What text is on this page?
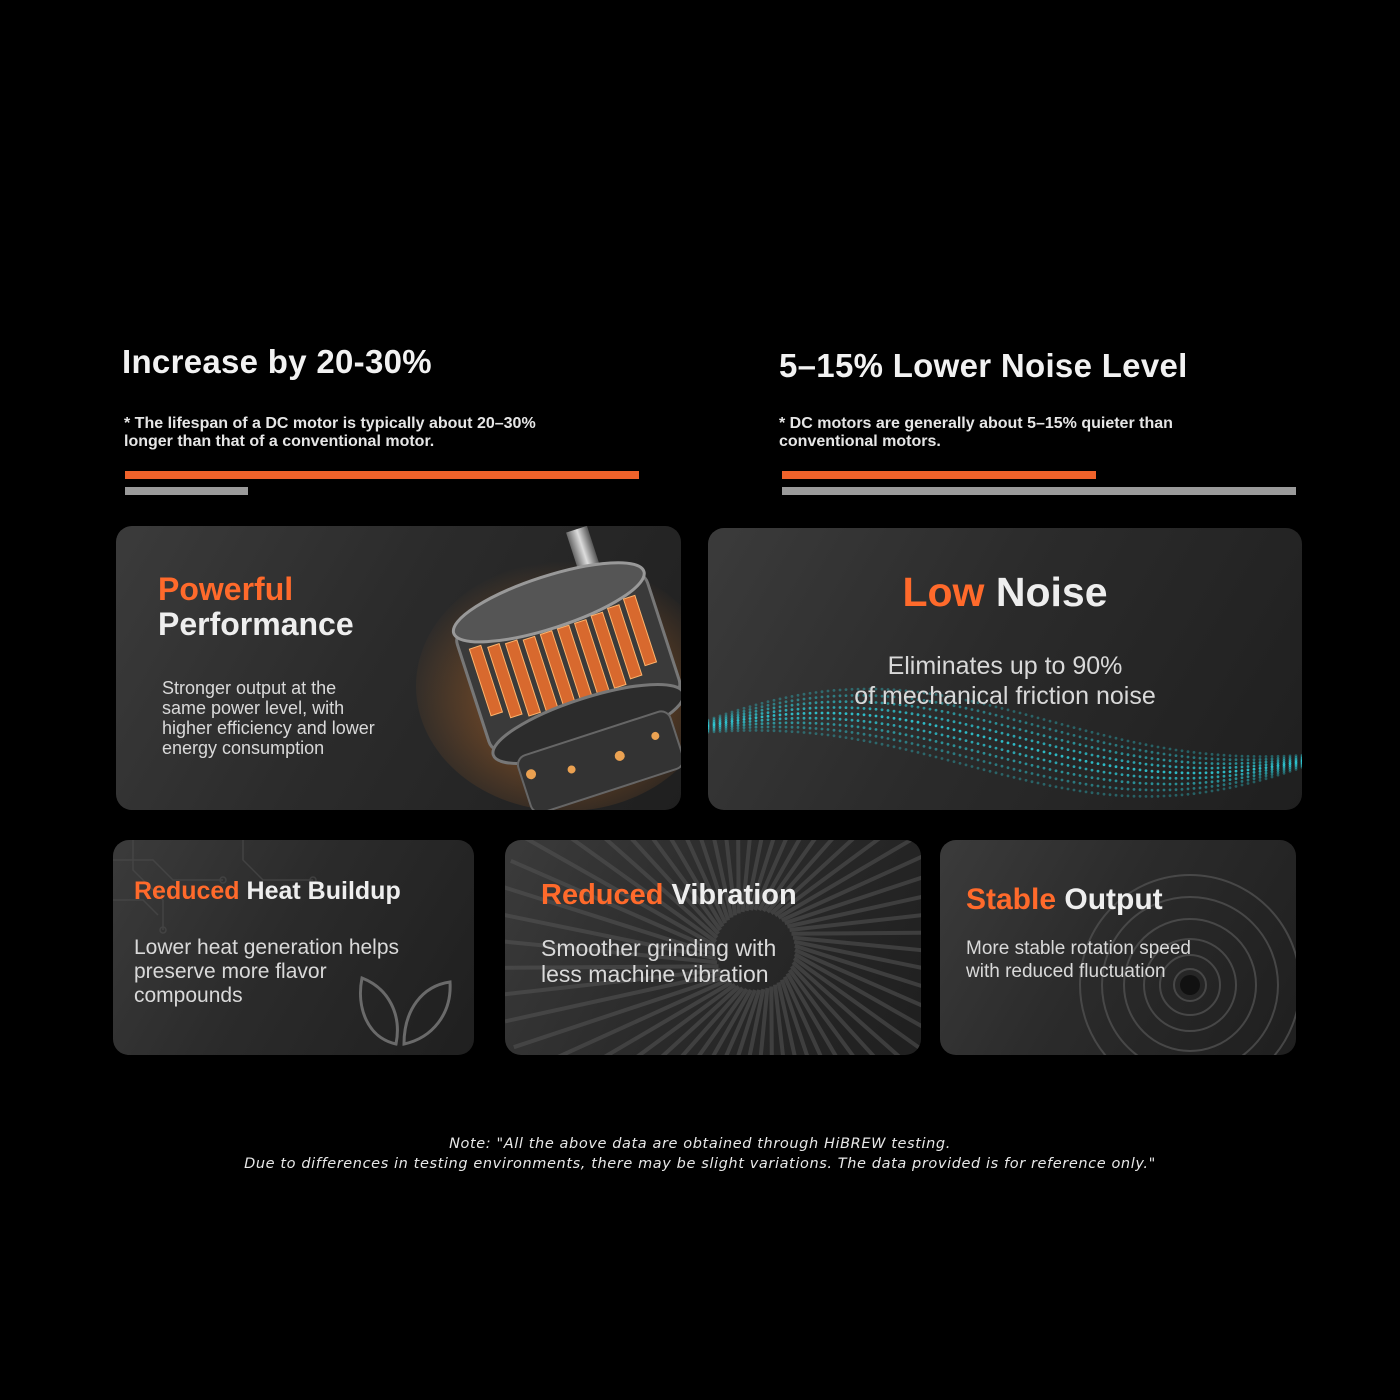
Increase by 20-30%
* The lifespan of a DC motor is typically about 20–30%
longer than that of a conventional motor.
5–15% Lower Noise Level
* DC motors are generally about 5–15% quieter than
conventional motors.
Powerful
Performance
Stronger output at the
same power level, with
higher efficiency and lower
energy consumption
Low Noise
Eliminates up to 90%
of mechanical friction noise
Reduced Heat Buildup
Lower heat generation helps
preserve more flavor
compounds
Reduced Vibration
Smoother grinding with
less machine vibration
Stable Output
More stable rotation speed
with reduced fluctuation
Note: "All the above data are obtained through HiBREW testing.
Due to differences in testing environments, there may be slight variations. The data provided is for reference only."
